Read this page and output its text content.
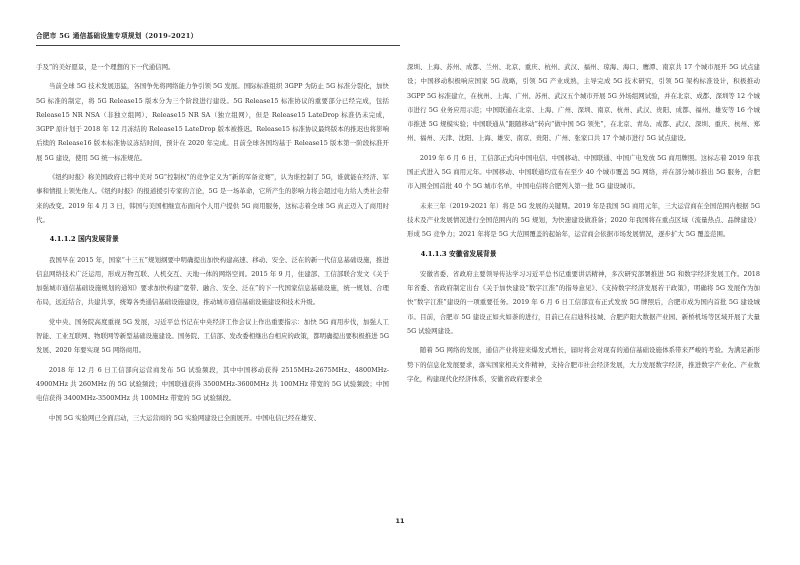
合肥市 5G 通信基础设施专项规划（2019-2021）

手及”的美好愿景，是一个理想的下一代通信网。

当前全球 5G 技术发展迅猛，各国争先将网络能力争引领 5G 发展。国际标准组织 3GPP 为防止 5G 标准分裂化，加快 5G 标准的制定，将 5G Release15 版本分为三个阶段进行建设。5G Release15 标准协议的重要部分已经完成，包括 Release15 NR NSA（非独立组网）、Release15 NR SA（独立组网），但是 Release15 LateDrop 标准仍未完成，3GPP 原计划于 2018 年 12 月冻结的 Release15 LateDrop 版本被推迟。Release15 标准协议最终版本的推迟也将影响后续的 Release16 版本标准协议冻结时间，预计在 2020 年完成。目前全球各国均基于 Release15 版本第一阶段标准开展 5G 建设，使用 5G 统一标准规范。

《纽约时报》称美国政府已将中美对 5G“控制权”的竞争定义为“新的军备竞赛”，认为谁控制了 5G，谁就能在经济、军事和情报上领先他人。《纽约时报》的报道援引专家的言论，5G 是一场革命，它所产生的影响力将会超过电力给人类社会带来的改变。2019 年 4 月 3 日，韩国与美国相继宣布面向个人用户提供 5G 商用服务，这标志着全球 5G 真正迈入了商用时代。

4.1.1.2 国内发展背景

我国早在 2015 年，国家“十三五”规划纲要中明确提出加快构建高速、移动、安全、泛在的新一代信息基础设施，推进信息网络技术广泛运用，形成万物互联、人机交互、天地一体的网络空间。2015 年 9 月，住建部、工信部联合发文《关于加强城市通信基础设施规划的通知》要求加快构建“宽带、融合、安全、泛在”的下一代国家信息基础设施，统一规划、合理布局，远近结合，共建共享，统筹各类通信基础设施建设，推动城市通信基础设施建设和技术升级。

党中央、国务院高度重视 5G 发展，习近平总书记在中央经济工作会议上作出重要指示：加快 5G 商用步伐，加强人工智能、工业互联网、物联网等新型基础设施建设。国务院、工信部、发改委相继出台相应的政策，都明确提出要积极推进 5G 发展、2020 年要实现 5G 网络商用。

2018 年 12 月 6 日工信部向运营商发布 5G 试验频段，其中中国移动获得 2515MHz-2675MHz、4800MHz-4900MHz 共 260MHz 的 5G 试验频段；中国联通获得 3500MHz-3600MHz 共 100MHz 带宽的 5G 试验频段；中国电信获得 3400MHz-3500MHz 共 100MHz 带宽的 5G 试验频段。

中国 5G 实验网已全面启动，三大运营商的 5G 实验网建设已全面展开。中国电信已经在雄安、

深圳、上海、苏州、成都、兰州、北京、重庆、杭州、武汉、福州、琼海、海口、鹰潭、南京共 17 个城市展开 5G 试点建设；中国移动积极响应国家 5G 战略，引领 5G 产业成熟，主导完成 5G 技术研究，引领 5G 架构标准设计，积极推动 3GPP 5G 标准建立，在杭州、上海、广州、苏州、武汉五个城市开展 5G 外场组网试验，并在北京、成都、深圳等 12 个城市进行 5G 业务应用示范；中国联通在北京、上海、广州、深圳、南京、杭州、武汉、贵阳、成都、福州、雄安等 16 个城市推进 5G 规模实验；中国联通从“跟随移动”转向“做中国 5G 领先”，在北京、青岛、成都、武汉、深圳、重庆、杭州、郑州、福州、天津、沈阳、上海、雄安、南京、贵阳、广州、张家口共 17 个城市进行 5G 试点建设。

2019 年 6 月 6 日，工信部正式向中国电信、中国移动、中国联通、中国广电发放 5G 商用牌照。这标志着 2019 年我国正式进入 5G 商用元年。中国移动、中国联通均宣布在至少 40 个城市覆盖 5G 网络，并在部分城市推出 5G 服务，合肥市入围全国首批 40 个 5G 城市名单，中国电信将合肥列入第一批 5G 建设城市。

未来三年（2019-2021 年）将是 5G 发展的关键期。2019 年是我国 5G 商用元年，三大运营商在全国范围内根据 5G 技术及产业发展情况进行全国范围内的 5G 规划，为快速建设做准备；2020 年我国将在重点区域（流量热点、品牌建设）形成 5G 竞争力；2021 年将是 5G 大范围覆盖的起始年，运营商会依据市场发展情况，逐步扩大 5G 覆盖范围。

4.1.1.3 安徽省发展背景

安徽省委、省政府主要领导传达学习习近平总书记重要讲话精神，多次研究部署推进 5G 和数字经济发展工作。2018 年省委、省政府制定出台《关于加快建设“数字江淮”的指导意见》、《支持数字经济发展若干政策》，明确将 5G 发展作为加快“数字江淮”建设的一项重要任务。2019 年 6 月 6 日工信部宣布正式发放 5G 牌照后，合肥市成为国内首批 5G 建设城市。目前，合肥市 5G 建设正如火如荼的进行，目前已在启迪科技城、合肥庐阳大数据产业园、新桥机场等区域开展了大量 5G 试验网建设。

随着 5G 网络的发展，通信产业将迎来爆发式增长，届时将会对现有的通信基础设施体系带来严峻的考验。为满足新形势下的信息化发展要求，落实国家相关文件精神，支持合肥市社会经济发展，大力发展数字经济，推进数字产业化、产业数字化，构建现代化经济体系，安徽省政府要求全

11
